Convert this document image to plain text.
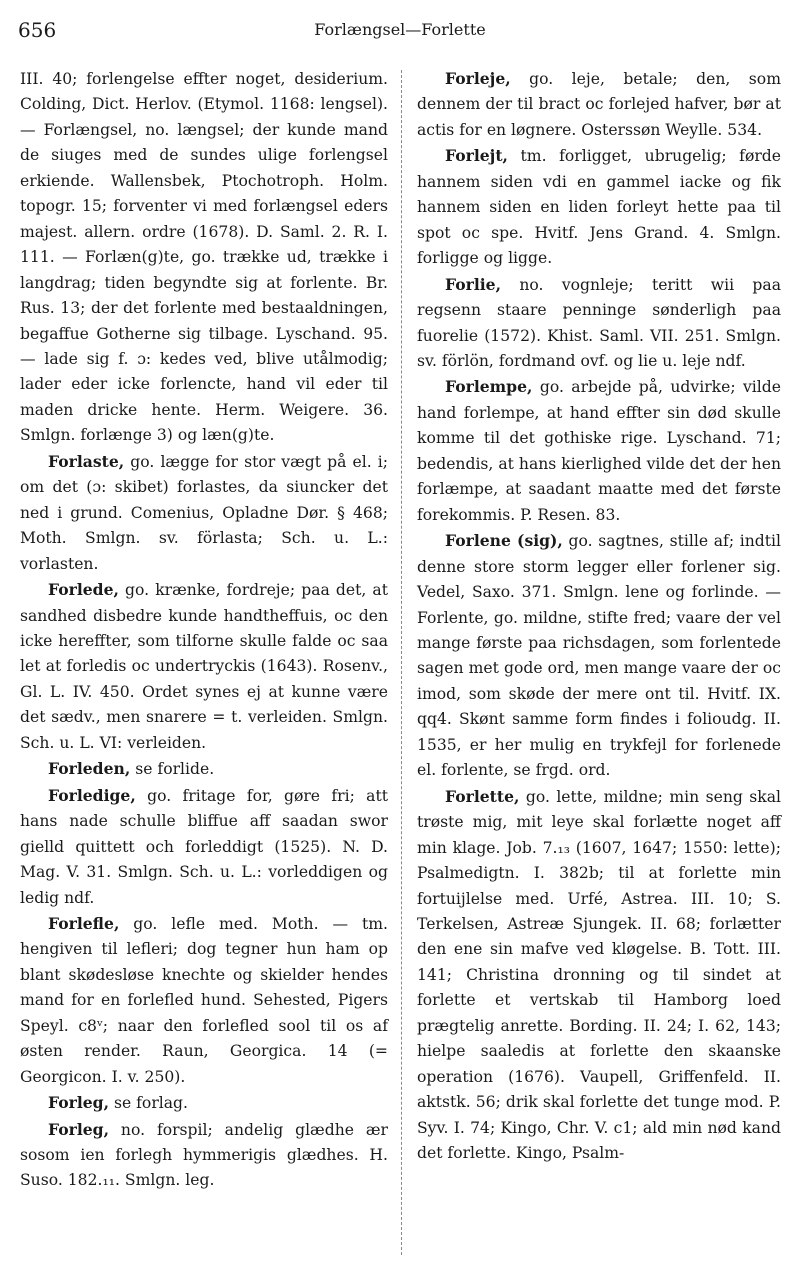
656	Forlængsel—Forlette

III. 40; forlengelse effter noget, desiderium. Colding, Dict. Herlov. (Etymol. 1168: lengsel). — Forlængsel, no. længsel; der kunde mand de siuges med de sundes ulige forlengsel erkiende. Wallensbek, Ptochotroph. Holm. topogr. 15; forventer vi med forlængsel eders majest. allern. ordre (1678). D. Saml. 2. R. I. 111. — Forlæn(g)te, go. trække ud, trække i langdrag; tiden begyndte sig at forlente. Br. Rus. 13; der det forlente med bestaaldningen, begaffue Gotherne sig tilbage. Lyschand. 95. — lade sig f. ɔ: kedes ved, blive utålmodig; lader eder icke forlencte, hand vil eder til maden dricke hente. Herm. Weigere. 36. Smlgn. forlænge 3) og læn(g)te.

Forlaste, go. lægge for stor vægt på el. i; om det (ɔ: skibet) forlastes, da siuncker det ned i grund. Comenius, Opladne Dør. § 468; Moth. Smlgn. sv. förlasta; Sch. u. L.: vorlasten.

Forlede, go. krænke, fordreje; paa det, at sandhed disbedre kunde handtheffuis, oc den icke hereffter, som tilforne skulle falde oc saa let at forledis oc undertryckis (1643). Rosenv., Gl. L. IV. 450. Ordet synes ej at kunne være det sædv., men snarere = t. verleiden. Smlgn. Sch. u. L. VI: verleiden.

Forleden, se forlide.

Forledige, go. fritage for, gøre fri; att hans nade schulle bliffue aff saadan swor gielld quittett och forleddigt (1525). N. D. Mag. V. 31. Smlgn. Sch. u. L.: vorleddigen og ledig ndf.

Forlefle, go. lefle med. Moth. — tm. hengiven til lefleri; dog tegner hun ham op blant skødesløse knechte og skielder hendes mand for en forlefled hund. Sehested, Pigers Speyl. c8ᵛ; naar den forlefled sool til os af østen render. Raun, Georgica. 14 (= Georgicon. I. v. 250).

Forleg, se forlag.

Forleg, no. forspil; andelig glædhe ær sosom ien forlegh hymmerigis glædhes. H. Suso. 182.₁₁. Smlgn. leg.

Forleje, go. leje, betale; den, som dennem der til bract oc forlejed hafver, bør at actis for en løgnere. Osterssøn Weylle. 534.

Forlejt, tm. forligget, ubrugelig; førde hannem siden vdi en gammel iacke og fik hannem siden en liden forleyt hette paa til spot oc spe. Hvitf. Jens Grand. 4. Smlgn. forligge og ligge.

Forlie, no. vognleje; teritt wii paa regsenn staare penninge sønderligh paa fuorelie (1572). Khist. Saml. VII. 251. Smlgn. sv. förlön, fordmand ovf. og lie u. leje ndf.

Forlempe, go. arbejde på, udvirke; vilde hand forlempe, at hand effter sin død skulle komme til det gothiske rige. Lyschand. 71; bedendis, at hans kierlighed vilde det der hen forlæmpe, at saadant maatte med det første forekommis. P. Resen. 83.

Forlene (sig), go. sagtnes, stille af; indtil denne store storm legger eller forlener sig. Vedel, Saxo. 371. Smlgn. lene og forlinde. — Forlente, go. mildne, stifte fred; vaare der vel mange første paa richsdagen, som forlentede sagen met gode ord, men mange vaare der oc imod, som skøde der mere ont til. Hvitf. IX. qq4. Skønt samme form findes i folioudg. II. 1535, er her mulig en trykfejl for forlenede el. forlente, se frgd. ord.

Forlette, go. lette, mildne; min seng skal trøste mig, mit leye skal forlætte noget aff min klage. Job. 7.₁₃ (1607, 1647; 1550: lette); Psalmedigtn. I. 382b; til at forlette min fortuijlelse med. Urfé, Astrea. III. 10; S. Terkelsen, Astreæ Sjungek. II. 68; forlætter den ene sin mafve ved kløgelse. B. Tott. III. 141; Christina dronning og til sindet at forlette et vertskab til Hamborg loed prægtelig anrette. Bording. II. 24; I. 62, 143; hielpe saaledis at forlette den skaanske operation (1676). Vaupell, Griffenfeld. II. aktstk. 56; drik skal forlette det tunge mod. P. Syv. I. 74; Kingo, Chr. V. c1; ald min nød kand det forlette. Kingo, Psalm-
